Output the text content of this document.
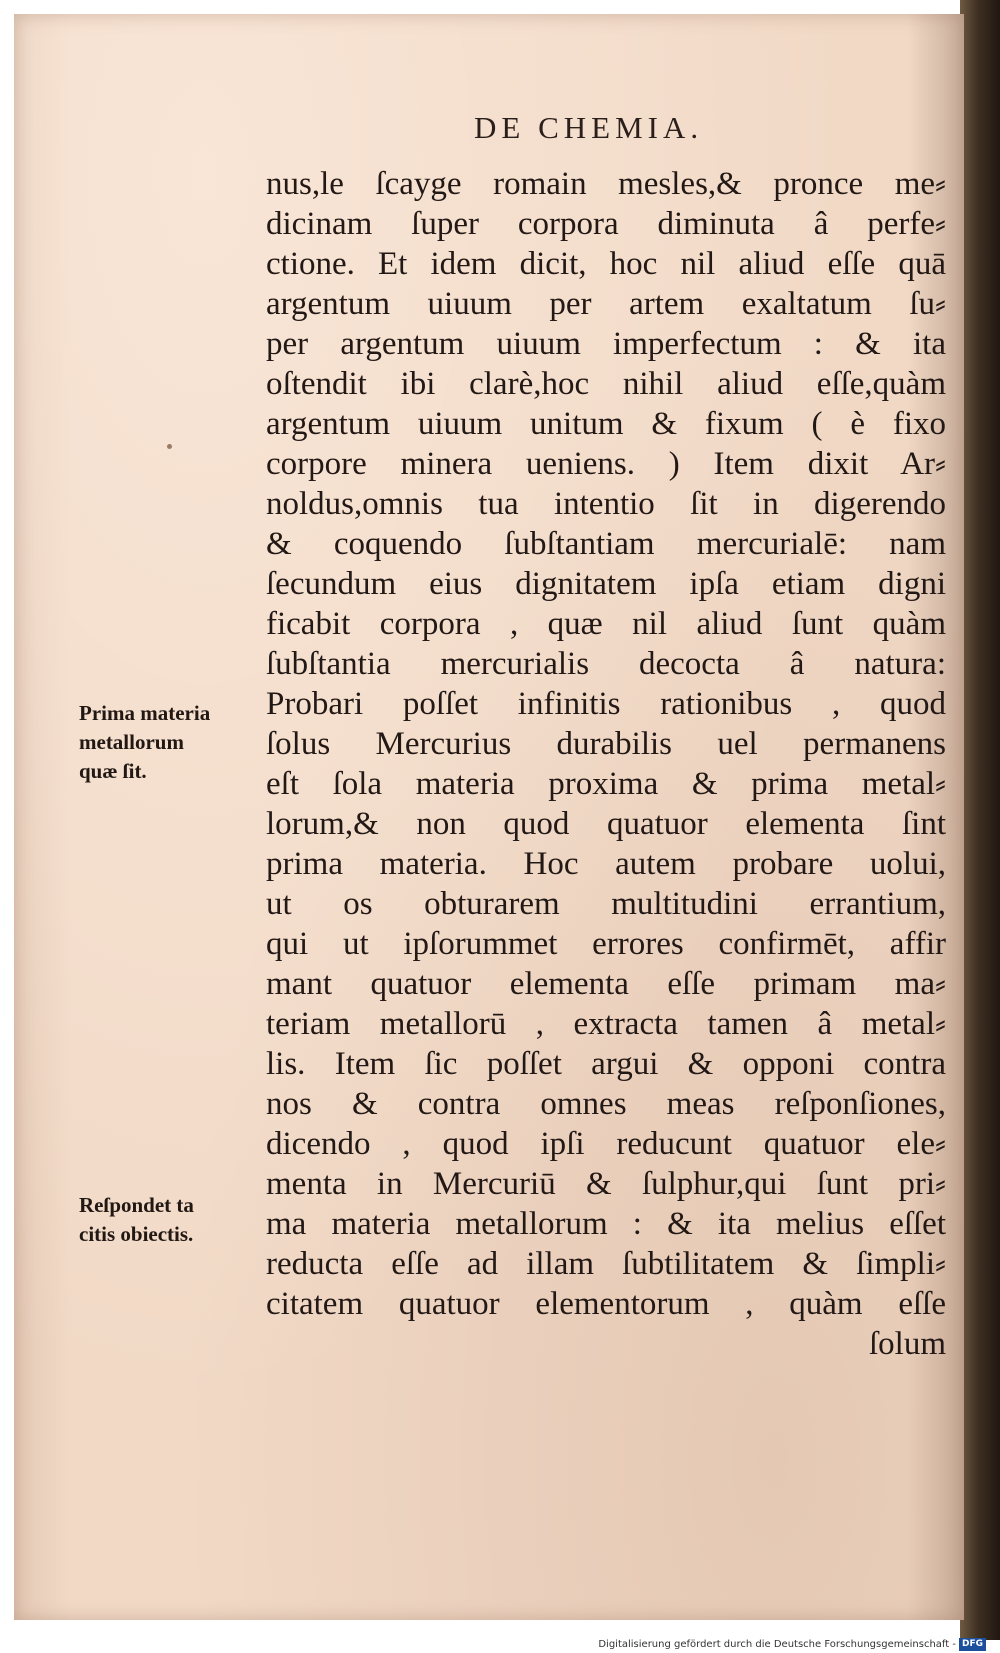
DE CHEMIA.
nus,le ſcayge romain mesles,& pronce me⸗
dicinam ſuper corpora diminuta â perfe⸗
ctione. Et idem dicit, hoc nil aliud eſſe quā
argentum uiuum per artem exaltatum ſu⸗
per argentum uiuum imperfectum : & ita
oſtendit ibi clarè,hoc nihil aliud eſſe,quàm
argentum uiuum unitum & fixum ( è fixo
corpore minera ueniens. ) Item dixit Ar⸗
noldus,omnis tua intentio ſit in digerendo
& coquendo ſubſtantiam mercurialē: nam
ſecundum eius dignitatem ipſa etiam digni
ficabit corpora , quæ nil aliud ſunt quàm
ſubſtantia mercurialis decocta â natura:
Probari poſſet infinitis rationibus , quod
ſolus Mercurius durabilis uel permanens
eſt ſola materia proxima & prima metal⸗
lorum,& non quod quatuor elementa ſint
prima materia. Hoc autem probare uolui,
ut os obturarem multitudini errantium,
qui ut ipſorummet errores confirmēt, affir
mant quatuor elementa eſſe primam ma⸗
teriam metallorū , extracta tamen â metal⸗
lis. Item ſic poſſet argui & opponi contra
nos & contra omnes meas reſponſiones,
dicendo , quod ipſi reducunt quatuor ele⸗
menta in Mercuriū & ſulphur,qui ſunt pri⸗
ma materia metallorum : & ita melius eſſet
reducta eſſe ad illam ſubtilitatem & ſimpli⸗
citatem quatuor elementorum , quàm eſſe
ſolum
Prima materia
metallorum
quæ ſit.
Reſpondet ta
citis obiectis.
Digitalisierung gefördert durch die Deutsche Forschungsgemeinschaft - DFG
